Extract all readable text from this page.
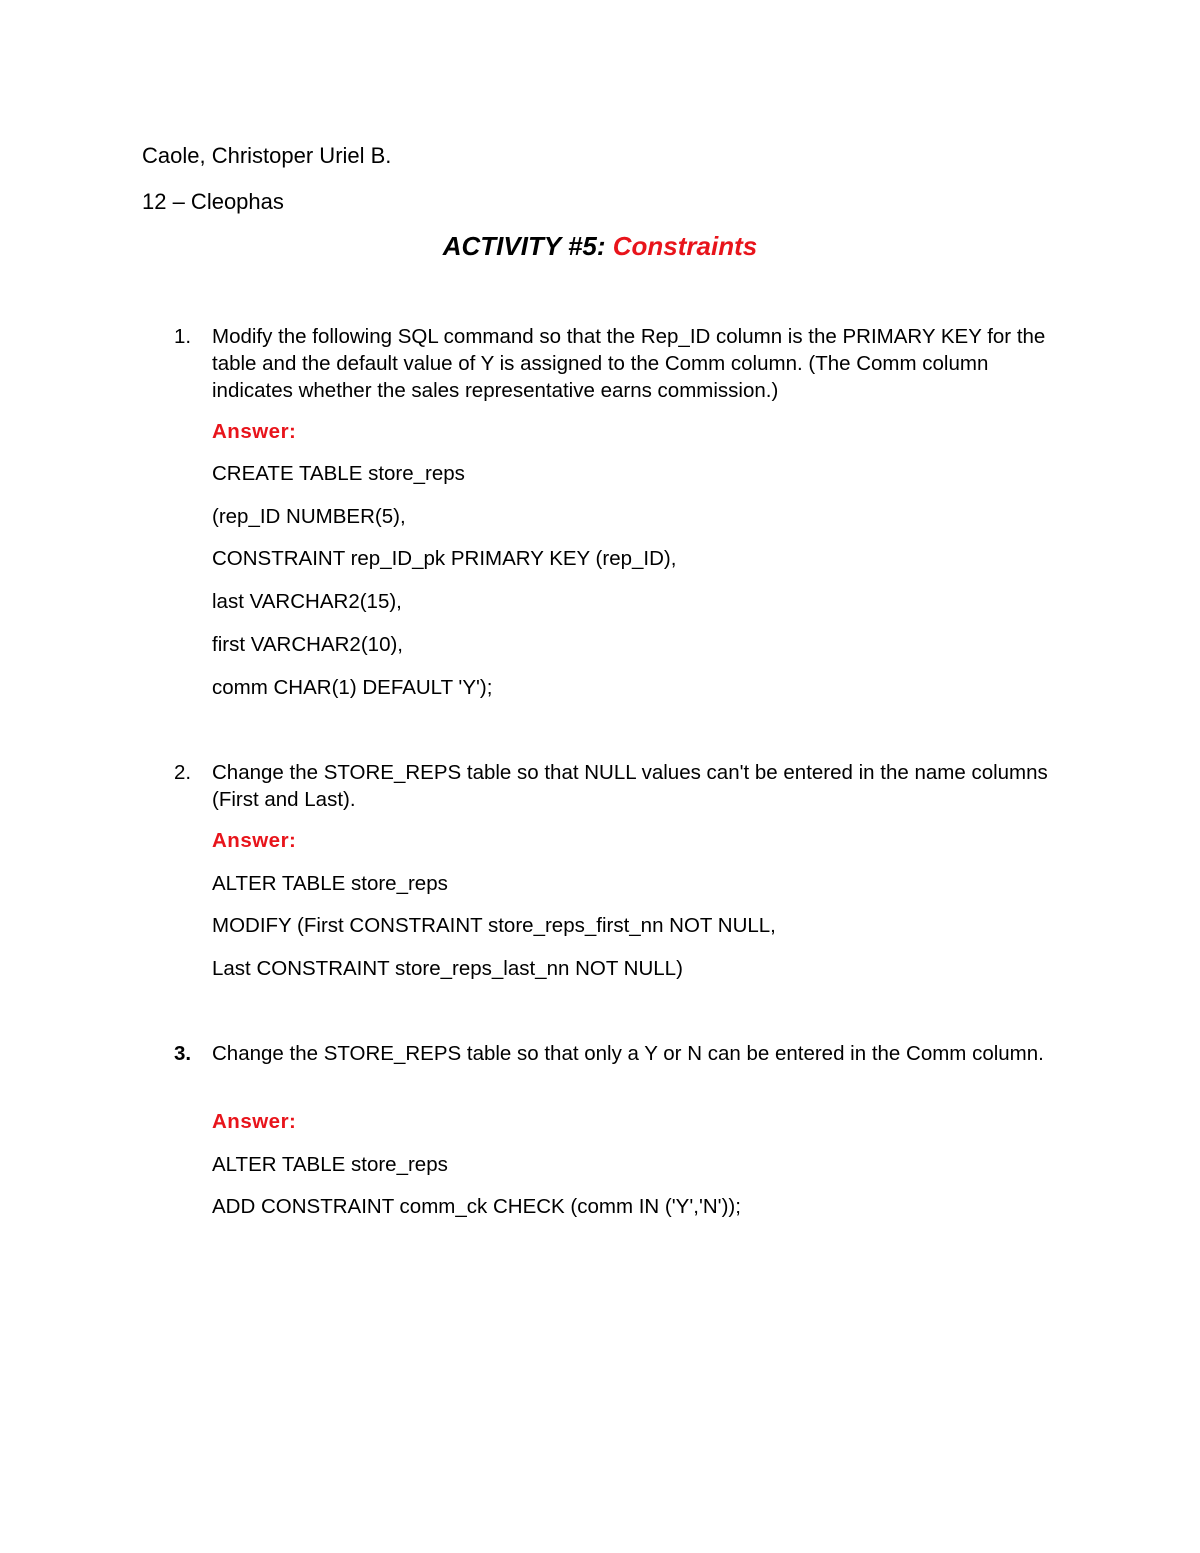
Caole, Christoper Uriel B.
12 – Cleophas
ACTIVITY #5: Constraints
1. Modify the following SQL command so that the Rep_ID column is the PRIMARY KEY for the table and the default value of Y is assigned to the Comm column. (The Comm column indicates whether the sales representative earns commission.)
Answer:
CREATE TABLE store_reps
(rep_ID NUMBER(5),
CONSTRAINT rep_ID_pk PRIMARY KEY (rep_ID),
last VARCHAR2(15),
first VARCHAR2(10),
comm CHAR(1) DEFAULT 'Y');
2. Change the STORE_REPS table so that NULL values can't be entered in the name columns (First and Last).
Answer:
ALTER TABLE store_reps
MODIFY (First CONSTRAINT store_reps_first_nn NOT NULL,
Last CONSTRAINT store_reps_last_nn NOT NULL)
3. Change the STORE_REPS table so that only a Y or N can be entered in the Comm column.
Answer:
ALTER TABLE store_reps
ADD CONSTRAINT comm_ck CHECK (comm IN ('Y','N'));
